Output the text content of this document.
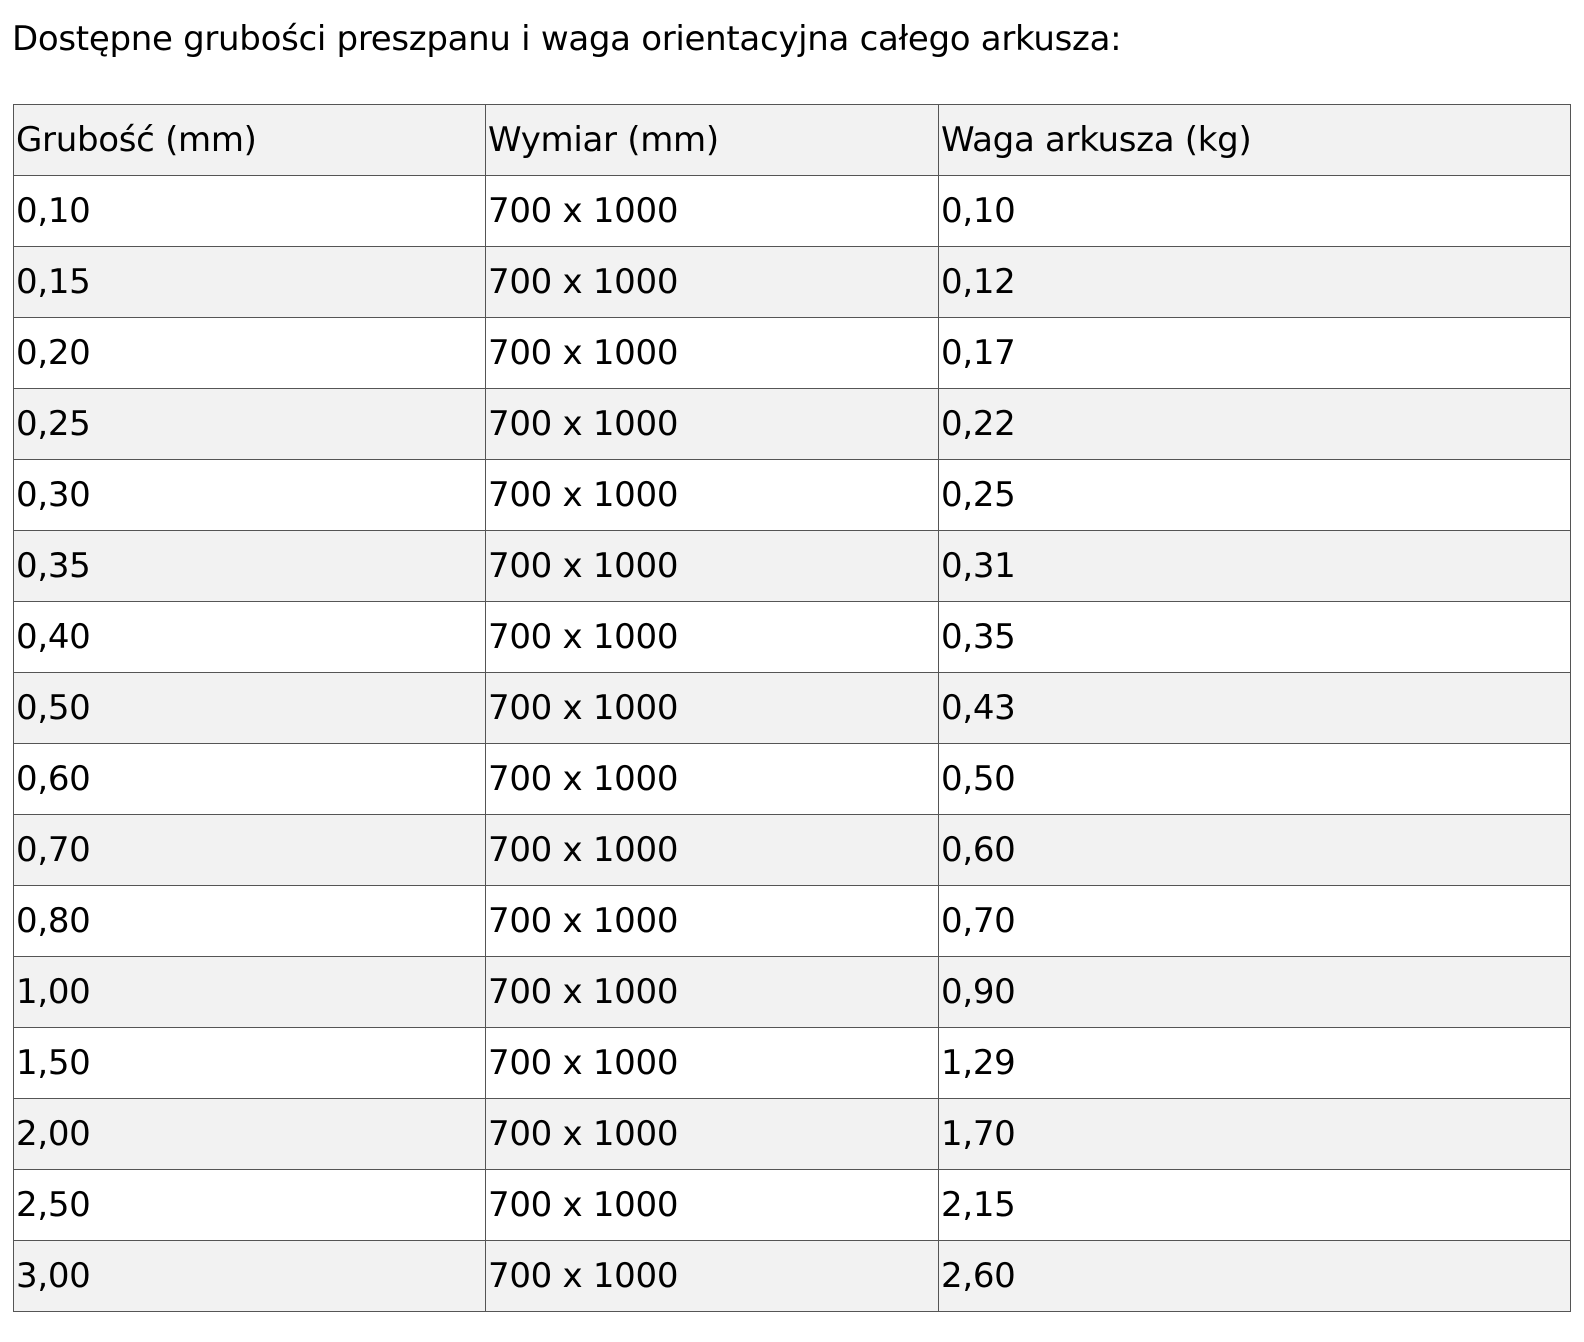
Dostępne grubości preszpanu i waga orientacyjna całego arkusza:
Grubość (mm)	Wymiar (mm)	Waga arkusza (kg)
0,10	700 x 1000	0,10
0,15	700 x 1000	0,12
0,20	700 x 1000	0,17
0,25	700 x 1000	0,22
0,30	700 x 1000	0,25
0,35	700 x 1000	0,31
0,40	700 x 1000	0,35
0,50	700 x 1000	0,43
0,60	700 x 1000	0,50
0,70	700 x 1000	0,60
0,80	700 x 1000	0,70
1,00	700 x 1000	0,90
1,50	700 x 1000	1,29
2,00	700 x 1000	1,70
2,50	700 x 1000	2,15
3,00	700 x 1000	2,60
